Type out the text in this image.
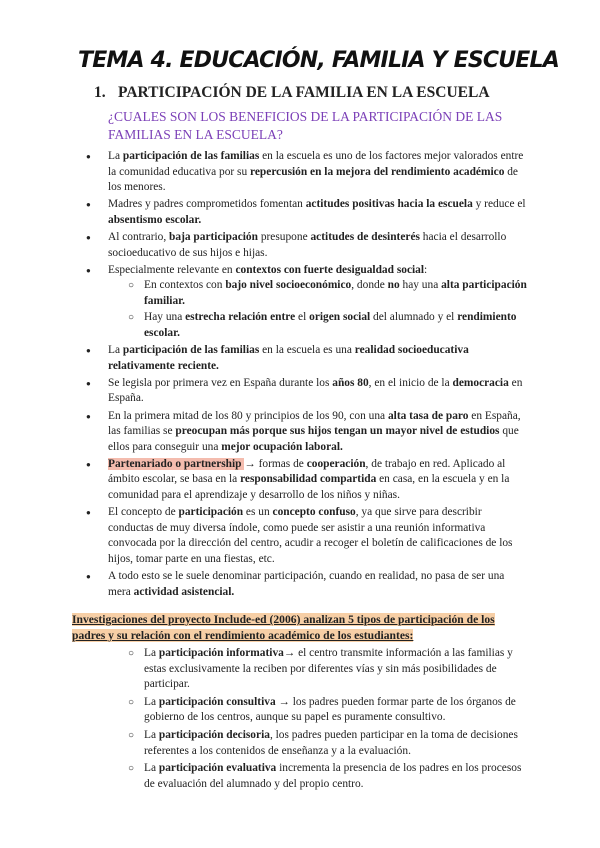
TEMA 4. EDUCACIÓN, FAMILIA Y ESCUELA
1. PARTICIPACIÓN DE LA FAMILIA EN LA ESCUELA
¿CUALES SON LOS BENEFICIOS DE LA PARTICIPACIÓN DE LAS FAMILIAS EN LA ESCUELA?
● La participación de las familias en la escuela es uno de los factores mejor valorados entre la comunidad educativa por su repercusión en la mejora del rendimiento académico de los menores.
● Madres y padres comprometidos fomentan actitudes positivas hacia la escuela y reduce el absentismo escolar.
● Al contrario, baja participación presupone actitudes de desinterés hacia el desarrollo socioeducativo de sus hijos e hijas.
● Especialmente relevante en contextos con fuerte desigualdad social:
○ En contextos con bajo nivel socioeconómico, donde no hay una alta participación familiar.
○ Hay una estrecha relación entre el origen social del alumnado y el rendimiento escolar.
● La participación de las familias en la escuela es una realidad socioeducativa relativamente reciente.
● Se legisla por primera vez en España durante los años 80, en el inicio de la democracia en España.
● En la primera mitad de los 80 y principios de los 90, con una alta tasa de paro en España, las familias se preocupan más porque sus hijos tengan un mayor nivel de estudios que ellos para conseguir una mejor ocupación laboral.
● Partenariado o partnership → formas de cooperación, de trabajo en red. Aplicado al ámbito escolar, se basa en la responsabilidad compartida en casa, en la escuela y en la comunidad para el aprendizaje y desarrollo de los niños y niñas.
● El concepto de participación es un concepto confuso, ya que sirve para describir conductas de muy diversa índole, como puede ser asistir a una reunión informativa convocada por la dirección del centro, acudir a recoger el boletín de calificaciones de los hijos, tomar parte en una fiestas, etc.
● A todo esto se le suele denominar participación, cuando en realidad, no pasa de ser una mera actividad asistencial.
Investigaciones del proyecto Include-ed (2006) analizan 5 tipos de participación de los padres y su relación con el rendimiento académico de los estudiantes:
○ La participación informativa→ el centro transmite información a las familias y estas exclusivamente la reciben por diferentes vías y sin más posibilidades de participar.
○ La participación consultiva → los padres pueden formar parte de los órganos de gobierno de los centros, aunque su papel es puramente consultivo.
○ La participación decisoria, los padres pueden participar en la toma de decisiones referentes a los contenidos de enseñanza y a la evaluación.
○ La participación evaluativa incrementa la presencia de los padres en los procesos de evaluación del alumnado y del propio centro.
